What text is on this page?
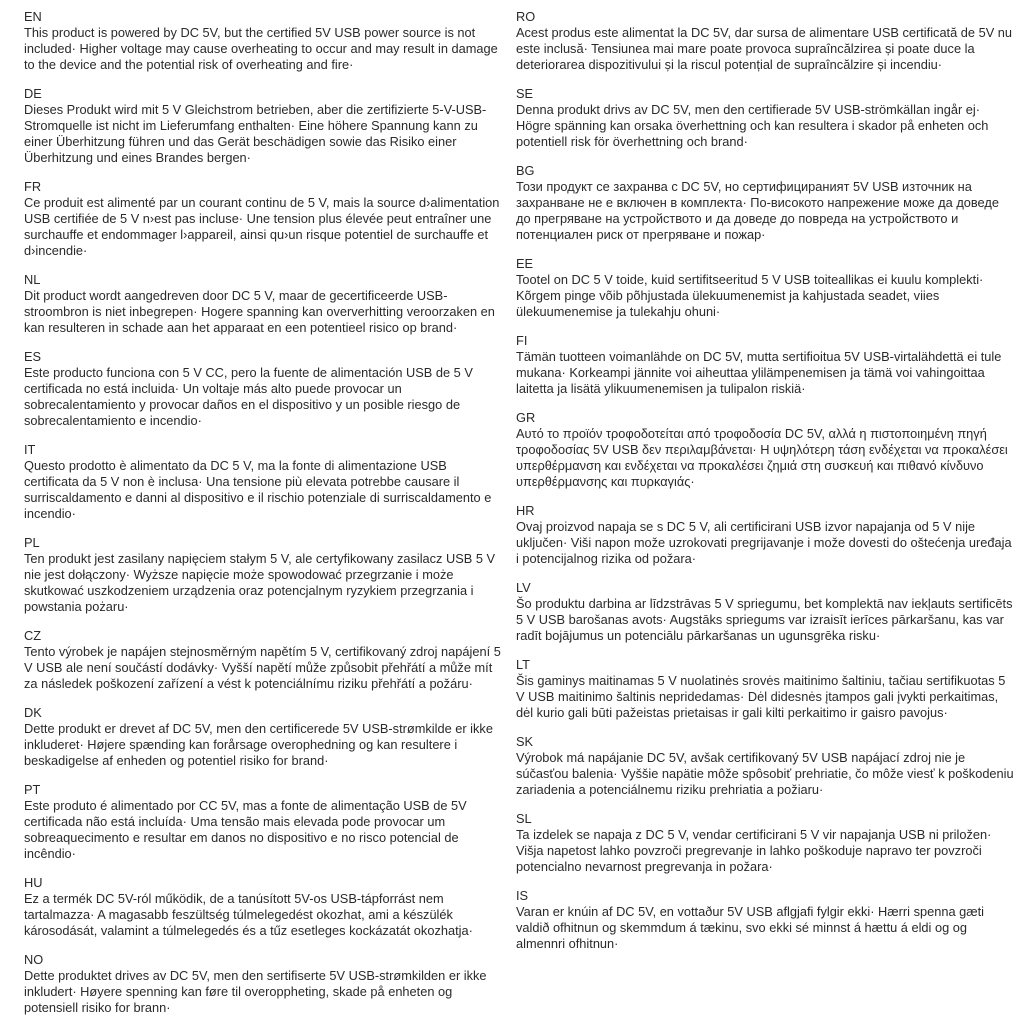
EN

This product is powered by DC 5V, but the certified 5V USB power source is not included· Higher voltage may cause overheating to occur and may result in damage to the device and the potential risk of overheating and fire·

DE

Dieses Produkt wird mit 5 V Gleichstrom betrieben, aber die zertifizierte 5-V-USB-Stromquelle ist nicht im Lieferumfang enthalten· Eine höhere Spannung kann zu einer Überhitzung führen und das Gerät beschädigen sowie das Risiko einer Überhitzung und eines Brandes bergen·

FR

Ce produit est alimenté par un courant continu de 5 V, mais la source d›alimentation USB certifiée de 5 V n›est pas incluse· Une tension plus élevée peut entraîner une surchauffe et endommager l›appareil, ainsi qu›un risque potentiel de surchauffe et d›incendie·

NL

Dit product wordt aangedreven door DC 5 V, maar de gecertificeerde USB-stroombron is niet inbegrepen· Hogere spanning kan oververhitting veroorzaken en kan resulteren in schade aan het apparaat en een potentieel risico op brand·

ES

Este producto funciona con 5 V CC, pero la fuente de alimentación USB de 5 V certificada no está incluida· Un voltaje más alto puede provocar un sobrecalentamiento y provocar daños en el dispositivo y un posible riesgo de sobrecalentamiento e incendio·

IT

Questo prodotto è alimentato da DC 5 V, ma la fonte di alimentazione USB certificata da 5 V non è inclusa· Una tensione più elevata potrebbe causare il surriscaldamento e danni al dispositivo e il rischio potenziale di surriscaldamento e incendio·

PL

Ten produkt jest zasilany napięciem stałym 5 V, ale certyfikowany zasilacz USB 5 V nie jest dołączony· Wyższe napięcie może spowodować przegrzanie i może skutkować uszkodzeniem urządzenia oraz potencjalnym ryzykiem przegrzania i powstania pożaru·

CZ

Tento výrobek je napájen stejnosměrným napětím 5 V, certifikovaný zdroj napájení 5 V USB ale není součástí dodávky· Vyšší napětí může způsobit přehřátí a může mít za následek poškození zařízení a vést k potenciálnímu riziku přehřátí a požáru·

DK

Dette produkt er drevet af DC 5V, men den certificerede 5V USB-strømkilde er ikke inkluderet· Højere spænding kan forårsage overophedning og kan resultere i beskadigelse af enheden og potentiel risiko for brand·

PT

Este produto é alimentado por CC 5V, mas a fonte de alimentação USB de 5V certificada não está incluída· Uma tensão mais elevada pode provocar um sobreaquecimento e resultar em danos no dispositivo e no risco potencial de incêndio·

HU

Ez a termék DC 5V-ról működik, de a tanúsított 5V-os USB-tápforrást nem tartalmazza· A magasabb feszültség túlmelegedést okozhat, ami a készülék károsodását, valamint a túlmelegedés és a tűz esetleges kockázatát okozhatja·

NO

Dette produktet drives av DC 5V, men den sertifiserte 5V USB-strømkilden er ikke inkludert· Høyere spenning kan føre til overoppheting, skade på enheten og potensiell risiko for brann·

RO

Acest produs este alimentat la DC 5V, dar sursa de alimentare USB certificată de 5V nu este inclusă· Tensiunea mai mare poate provoca supraîncălzirea și poate duce la deteriorarea dispozitivului și la riscul potențial de supraîncălzire și incendiu·

SE

Denna produkt drivs av DC 5V, men den certifierade 5V USB-strömkällan ingår ej· Högre spänning kan orsaka överhettning och kan resultera i skador på enheten och potentiell risk för överhettning och brand·

BG

Този продукт се захранва с DC 5V, но сертифицираният 5V USB източник на захранване не е включен в комплекта· По-високото напрежение може да доведе до прегряване на устройството и да доведе до повреда на устройството и потенциален риск от прегряване и пожар·

EE

Tootel on DC 5 V toide, kuid sertifitseeritud 5 V USB toiteallikas ei kuulu komplekti· Kõrgem pinge võib põhjustada ülekuumenemist ja kahjustada seadet, viies ülekuumenemise ja tulekahju ohuni·

FI

Tämän tuotteen voimanlähde on DC 5V, mutta sertifioitua 5V USB-virtalähdettä ei tule mukana· Korkeampi jännite voi aiheuttaa ylilämpenemisen ja tämä voi vahingoittaa laitetta ja lisätä ylikuumenemisen ja tulipalon riskiä·

GR

Αυτό το προϊόν τροφοδοτείται από τροφοδοσία DC 5V, αλλά η πιστοποιημένη πηγή τροφοδοσίας 5V USB δεν περιλαμβάνεται· Η υψηλότερη τάση ενδέχεται να προκαλέσει υπερθέρμανση και ενδέχεται να προκαλέσει ζημιά στη συσκευή και πιθανό κίνδυνο υπερθέρμανσης και πυρκαγιάς·

HR

Ovaj proizvod napaja se s DC 5 V, ali certificirani USB izvor napajanja od 5 V nije uključen· Viši napon može uzrokovati pregrijavanje i može dovesti do oštećenja uređaja i potencijalnog rizika od požara·

LV

Šo produktu darbina ar līdzstrāvas 5 V spriegumu, bet komplektā nav iekļauts sertificēts 5 V USB barošanas avots· Augstāks spriegums var izraisīt ierīces pārkaršanu, kas var radīt bojājumus un potenciālu pārkaršanas un ugunsgrēka risku·

LT

Šis gaminys maitinamas 5 V nuolatinės srovės maitinimo šaltiniu, tačiau sertifikuotas 5 V USB maitinimo šaltinis nepridedamas· Dėl didesnės įtampos gali įvykti perkaitimas, dėl kurio gali būti pažeistas prietaisas ir gali kilti perkaitimo ir gaisro pavojus·

SK

Výrobok má napájanie DC 5V, avšak certifikovaný 5V USB napájací zdroj nie je súčasťou balenia· Vyššie napätie môže spôsobiť prehriatie, čo môže viesť k poškodeniu zariadenia a potenciálnemu riziku prehriatia a požiaru·

SL

Ta izdelek se napaja z DC 5 V, vendar certificirani 5 V vir napajanja USB ni priložen· Višja napetost lahko povzroči pregrevanje in lahko poškoduje napravo ter povzroči potencialno nevarnost pregrevanja in požara·

IS

Varan er knúin af DC 5V, en vottaður 5V USB aflgjafi fylgir ekki· Hærri spenna gæti valdið ofhitnun og skemmdum á tækinu, svo ekki sé minnst á hættu á eldi og og almennri ofhitnun·
